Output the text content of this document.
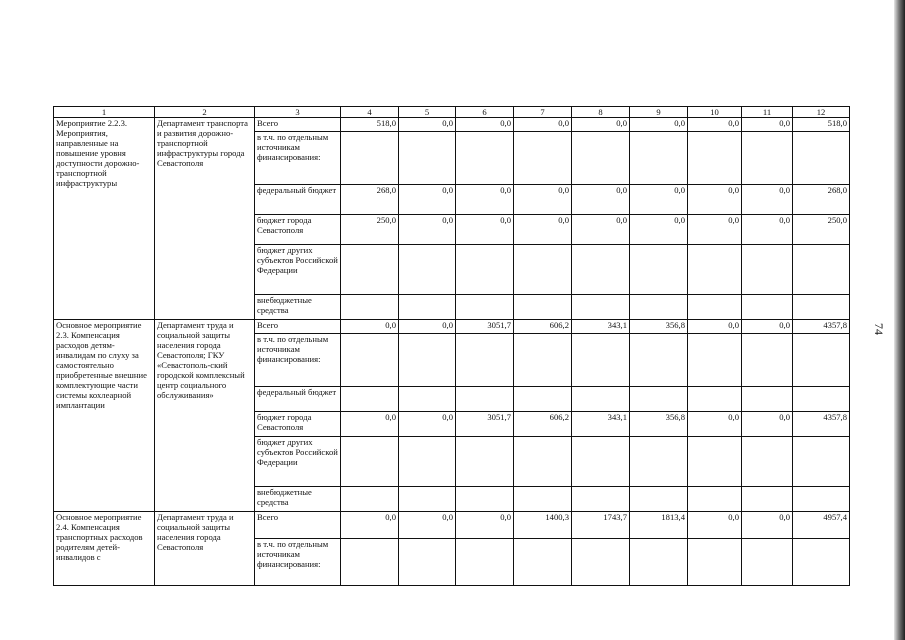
74
1	2	3	4	5	6	7	8	9	10	11	12
Мероприятие 2.2.3. Мероприятия, направленные на повышение уровня доступности дорожно-транспортной инфраструктуры	Департамент транспорта и развития дорожно-транспортной инфраструктуры города Севастополя	Всего	518,0	0,0	0,0	0,0	0,0	0,0	0,0	0,0	518,0
		в т.ч. по отдельным источникам финансирования:									
		федеральный бюджет	268,0	0,0	0,0	0,0	0,0	0,0	0,0	0,0	268,0
		бюджет города Севастополя	250,0	0,0	0,0	0,0	0,0	0,0	0,0	0,0	250,0
		бюджет других субъектов Российской Федерации									
		внебюджетные средства									
Основное мероприятие 2.3. Компенсация расходов детям-инвалидам по слуху за самостоятельно приобретенные внешние комплектующие части системы кохлеарной имплантации	Департамент труда и социальной защиты населения города Севастополя; ГКУ «Севастополь-ский городской комплексный центр социального обслуживания»	Всего	0,0	0,0	3051,7	606,2	343,1	356,8	0,0	0,0	4357,8
		в т.ч. по отдельным источникам финансирования:									
		федеральный бюджет									
		бюджет города Севастополя	0,0	0,0	3051,7	606,2	343,1	356,8	0,0	0,0	4357,8
		бюджет других субъектов Российской Федерации									
		внебюджетные средства									
Основное мероприятие 2.4. Компенсация транспортных расходов родителям детей-инвалидов с	Департамент труда и социальной защиты населения города Севастополя	Всего	0,0	0,0	0,0	1400,3	1743,7	1813,4	0,0	0,0	4957,4
		в т.ч. по отдельным источникам финансирования:									
